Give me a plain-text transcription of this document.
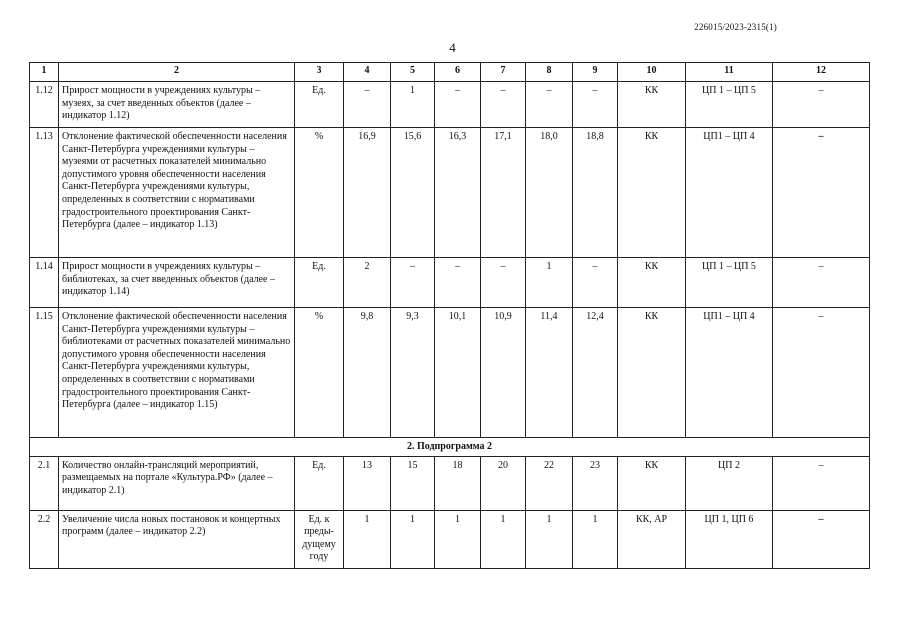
226015/2023-2315(1)
4
1	2	3	4	5	6	7	8	9	10	11	12
1.12	Прирост мощности в учреждениях культуры – музеях, за счет введенных объектов (далее – индикатор 1.12)	Ед.	–	1	–	–	–	–	КК	ЦП 1 – ЦП 5	–
1.13	Отклонение фактической обеспеченности населения Санкт-Петербурга учреждениями культуры – музеями от расчетных показателей минимально допустимого уровня обеспеченности населения Санкт-Петербурга учреждениями культуры, определенных в соответствии с нормативами градостроительного проектирования Санкт-Петербурга (далее – индикатор 1.13)	%	16,9	15,6	16,3	17,1	18,0	18,8	КК	ЦП1 – ЦП 4	–
1.14	Прирост мощности в учреждениях культуры – библиотеках, за счет введенных объектов (далее – индикатор 1.14)	Ед.	2	–	–	–	1	–	КК	ЦП 1 – ЦП 5	–
1.15	Отклонение фактической обеспеченности населения Санкт-Петербурга учреждениями культуры – библиотеками от расчетных показателей минимально допустимого уровня обеспеченности населения Санкт-Петербурга учреждениями культуры, определенных в соответствии с нормативами градостроительного проектирования Санкт-Петербурга (далее – индикатор 1.15)	%	9,8	9,3	10,1	10,9	11,4	12,4	КК	ЦП1 – ЦП 4	–
2. Подпрограмма 2											
2.1	Количество онлайн-трансляций мероприятий, размещаемых на портале «Культура.РФ» (далее – индикатор 2.1)	Ед.	13	15	18	20	22	23	КК	ЦП 2	–
2.2	Увеличение числа новых постановок и концертных программ (далее – индикатор 2.2)	Ед. к преды-дущему году	1	1	1	1	1	1	КК, АР	ЦП 1, ЦП 6	–
